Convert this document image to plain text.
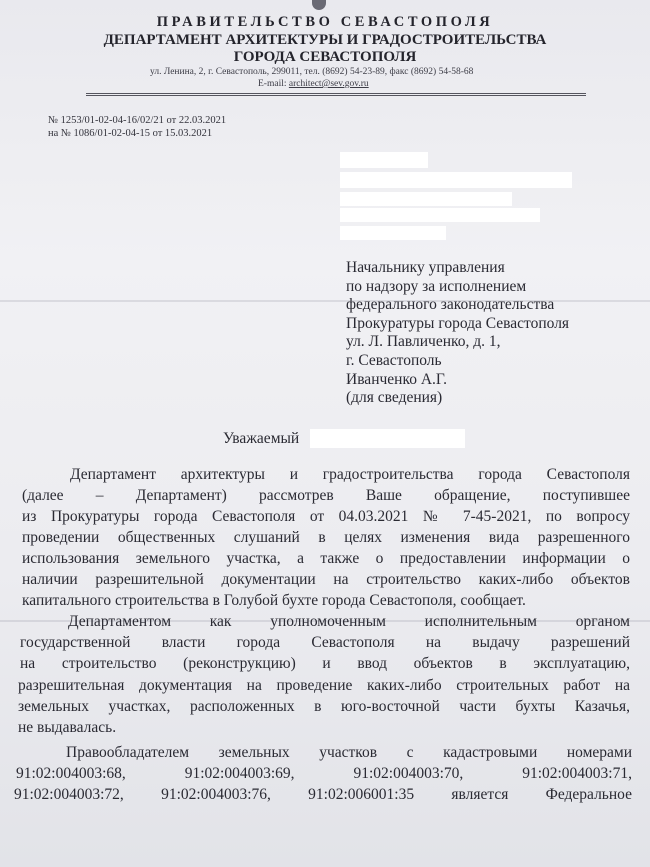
ПРАВИТЕЛЬСТВО СЕВАСТОПОЛЯ
ДЕПАРТАМЕНТ АРХИТЕКТУРЫ И ГРАДОСТРОИТЕЛЬСТВА
ГОРОДА СЕВАСТОПОЛЯ
ул. Ленина, 2, г. Севастополь, 299011, тел. (8692) 54-23-89, факс (8692) 54-58-68
E-mail: architect@sev.gov.ru
№ 1253/01-02-04-16/02/21 от 22.03.2021
на № 1086/01-02-04-15 от 15.03.2021
Начальнику управления
по надзору за исполнением
федерального законодательства
Прокуратуры города Севастополя
ул. Л. Павличенко, д. 1,
г. Севастополь
Иванченко А.Г.
(для сведения)
Уважаемый
Департамент архитектуры и градостроительства города Севастополя
(далее – Департамент) рассмотрев Ваше обращение, поступившее
из Прокуратуры города Севастополя от 04.03.2021 № 7-45-2021, по вопросу
проведении общественных слушаний в целях изменения вида разрешенного
использования земельного участка, а также о предоставлении информации о
наличии разрешительной документации на строительство каких-либо объектов
капитального строительства в Голубой бухте города Севастополя, сообщает.
Департаментом как уполномоченным исполнительным органом
государственной власти города Севастополя на выдачу разрешений
на строительство (реконструкцию) и ввод объектов в эксплуатацию,
разрешительная документация на проведение каких-либо строительных работ на
земельных участках, расположенных в юго-восточной части бухты Казачья,
не выдавалась.
Правообладателем земельных участков с кадастровыми номерами
91:02:004003:68, 91:02:004003:69, 91:02:004003:70, 91:02:004003:71,
91:02:004003:72, 91:02:004003:76, 91:02:006001:35 является Федеральное
